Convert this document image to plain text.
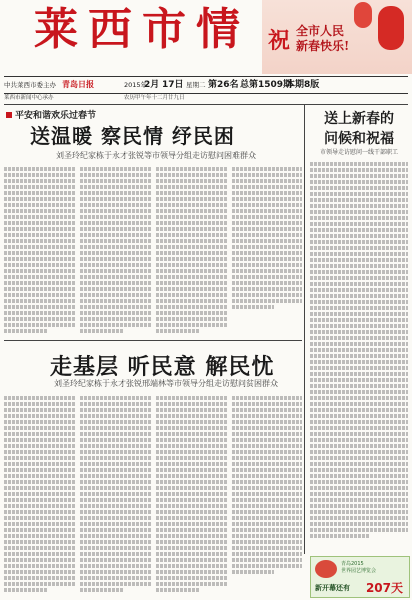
莱西市情 祝 全市人民
新春快乐!
中共莱西市委主办 青岛日报	2015年
2月 17日 星期二 第26名 总第1509期
本期8版
莱西市新闻中心承办	农历甲午年十二月廿九日
平安和谐欢乐过春节
送温暖 察民情 纾民困
刘圣玲纪家栋于永才张锐等市领导分组走访慰问困难群众
送上新春的
问候和祝福
市领导走访慰问一线干部职工
走基层 听民意 解民忧
刘圣玲纪家栋于永才张锐邢端林等市领导分组走访慰问贫困群众
青岛2015
世界园艺博览会
新开幕还有 207天
